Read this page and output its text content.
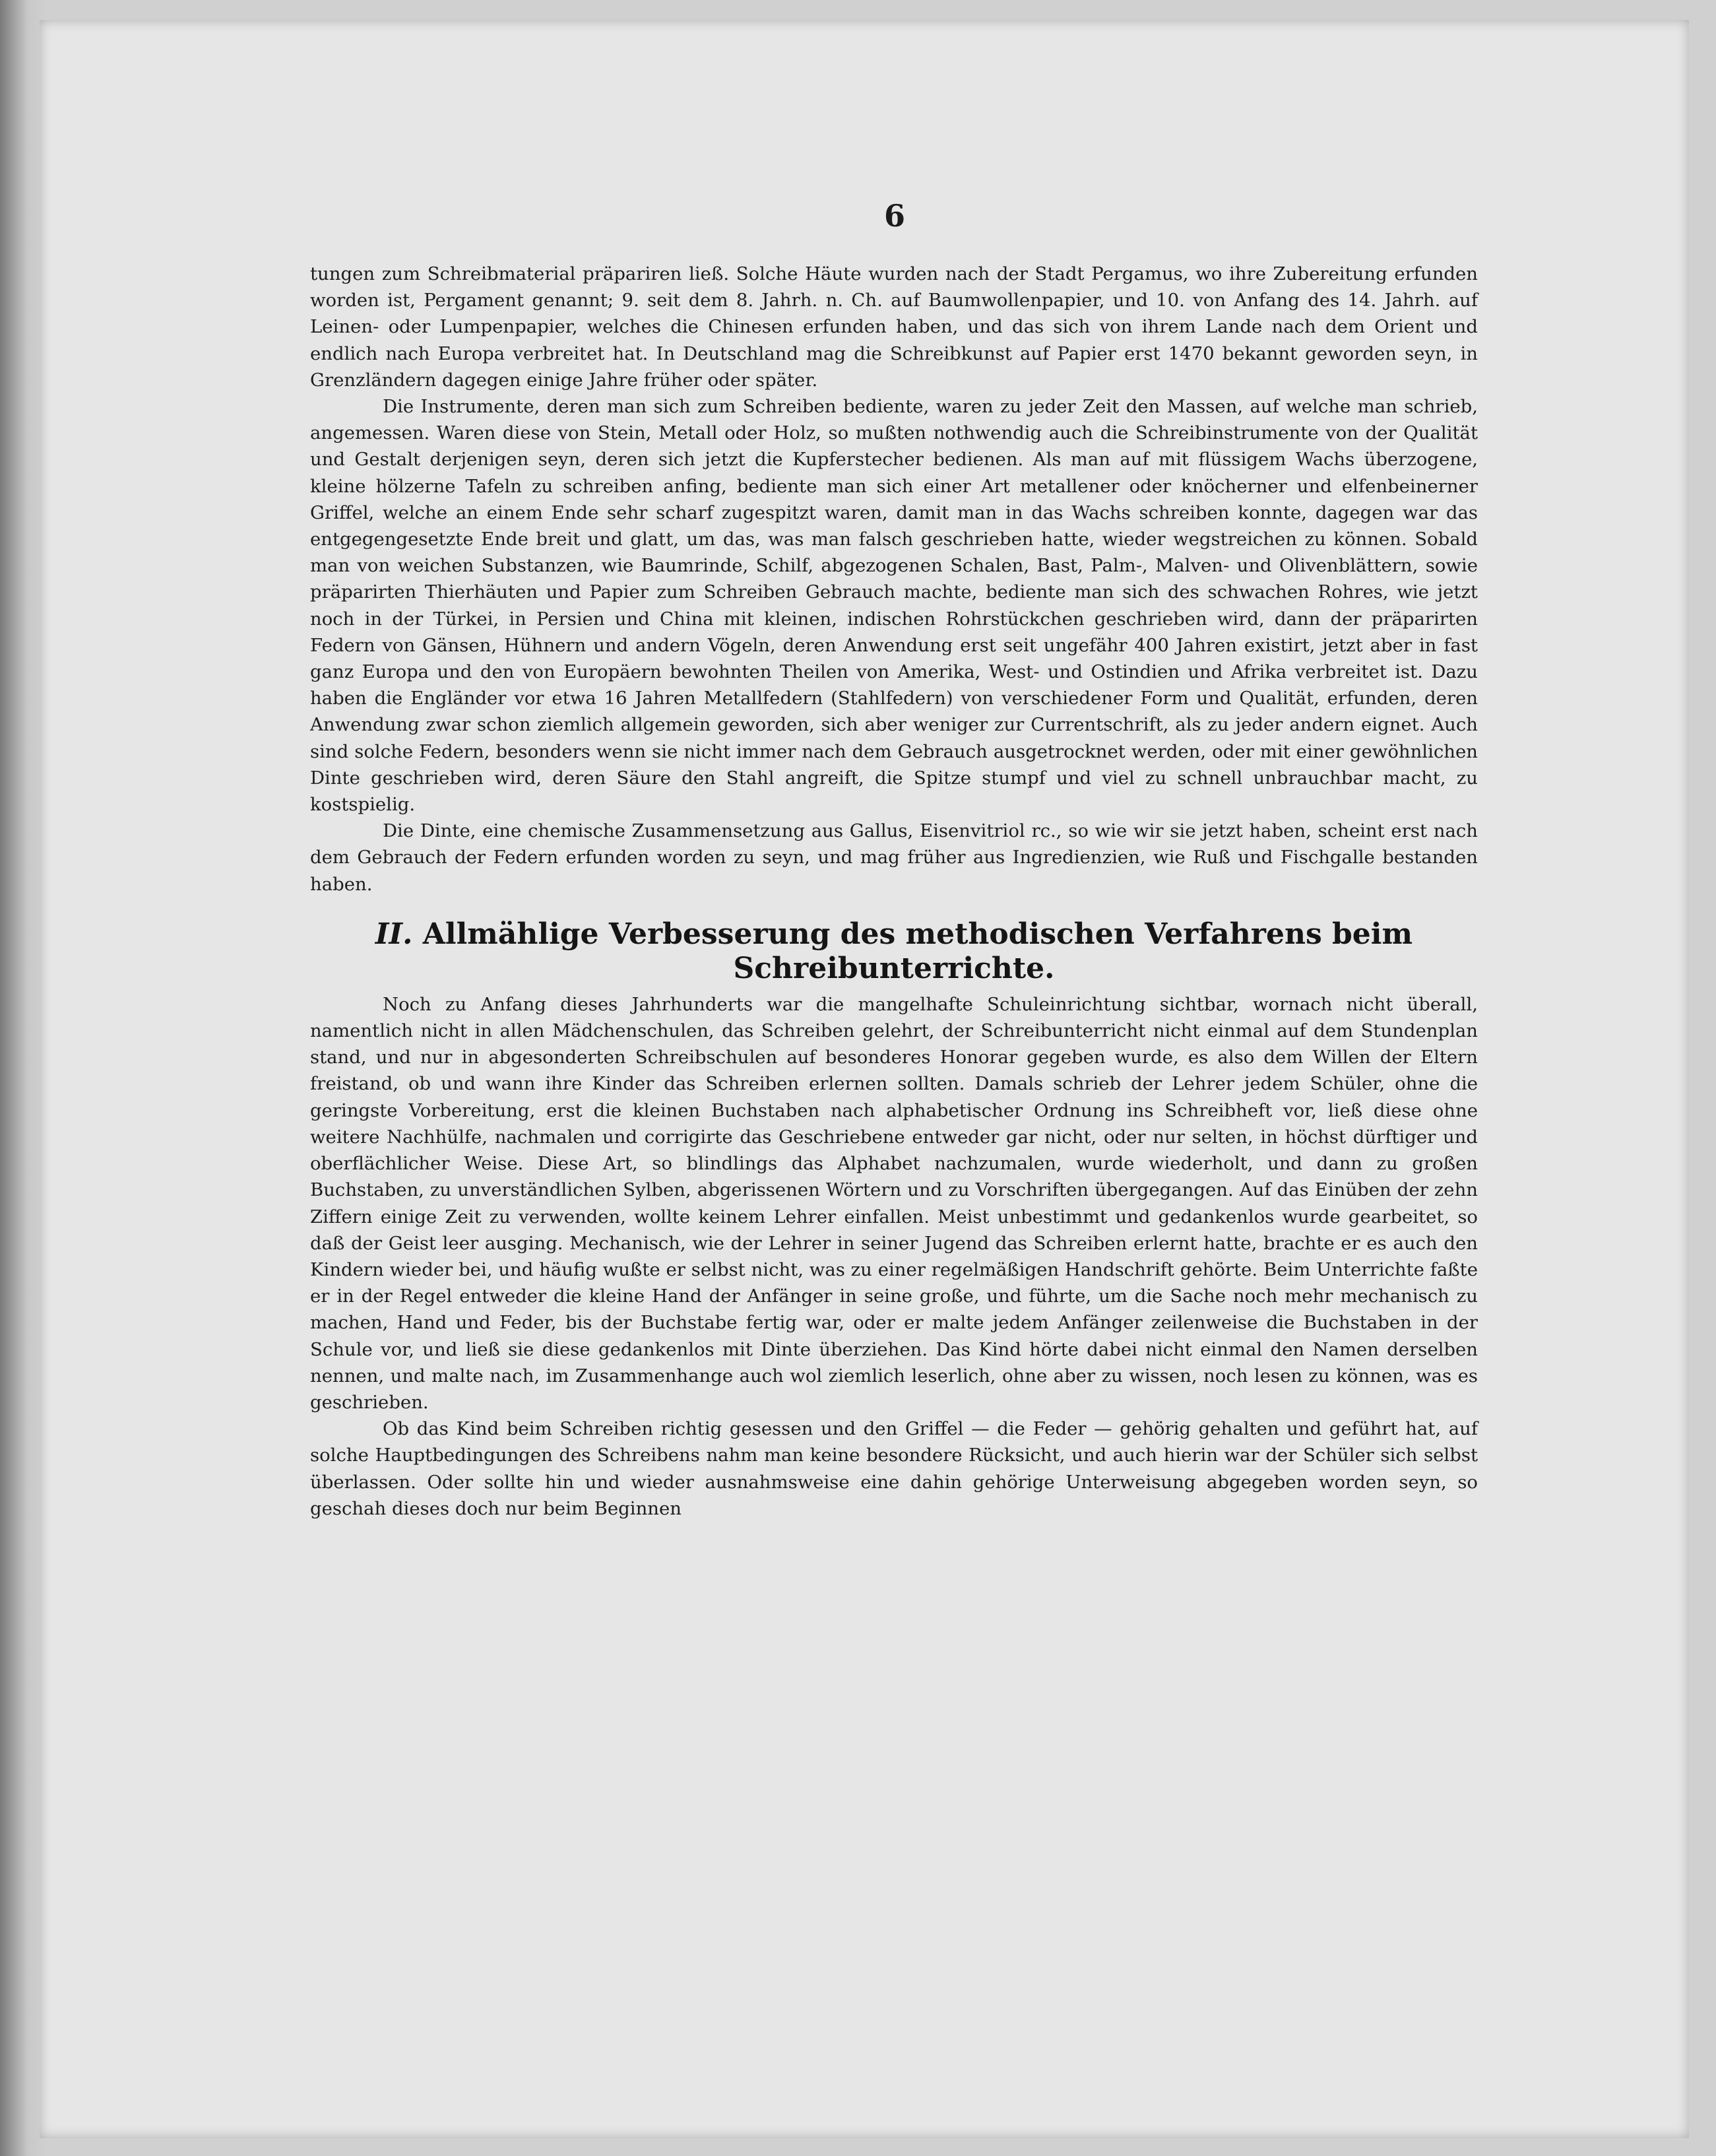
6

tungen zum Schreibmaterial präpariren ließ. Solche Häute wurden nach der Stadt Pergamus, wo ihre Zubereitung erfunden worden ist, Pergament genannt; 9. seit dem 8. Jahrh. n. Ch. auf Baumwollenpapier, und 10. von Anfang des 14. Jahrh. auf Leinen- oder Lumpenpapier, welches die Chinesen erfunden haben, und das sich von ihrem Lande nach dem Orient und endlich nach Europa verbreitet hat. In Deutschland mag die Schreibkunst auf Papier erst 1470 bekannt geworden seyn, in Grenzländern dagegen einige Jahre früher oder später.

Die Instrumente, deren man sich zum Schreiben bediente, waren zu jeder Zeit den Massen, auf welche man schrieb, angemessen. Waren diese von Stein, Metall oder Holz, so mußten nothwendig auch die Schreibinstrumente von der Qualität und Gestalt derjenigen seyn, deren sich jetzt die Kupferstecher bedienen. Als man auf mit flüssigem Wachs überzogene, kleine hölzerne Tafeln zu schreiben anfing, bediente man sich einer Art metallener oder knöcherner und elfenbeinerner Griffel, welche an einem Ende sehr scharf zugespitzt waren, damit man in das Wachs schreiben konnte, dagegen war das entgegengesetzte Ende breit und glatt, um das, was man falsch geschrieben hatte, wieder wegstreichen zu können. Sobald man von weichen Substanzen, wie Baumrinde, Schilf, abgezogenen Schalen, Bast, Palm-, Malven- und Olivenblättern, sowie präparirten Thierhäuten und Papier zum Schreiben Gebrauch machte, bediente man sich des schwachen Rohres, wie jetzt noch in der Türkei, in Persien und China mit kleinen, indischen Rohrstückchen geschrieben wird, dann der präparirten Federn von Gänsen, Hühnern und andern Vögeln, deren Anwendung erst seit ungefähr 400 Jahren existirt, jetzt aber in fast ganz Europa und den von Europäern bewohnten Theilen von Amerika, West- und Ostindien und Afrika verbreitet ist. Dazu haben die Engländer vor etwa 16 Jahren Metallfedern (Stahlfedern) von verschiedener Form und Qualität, erfunden, deren Anwendung zwar schon ziemlich allgemein geworden, sich aber weniger zur Currentschrift, als zu jeder andern eignet. Auch sind solche Federn, besonders wenn sie nicht immer nach dem Gebrauch ausgetrocknet werden, oder mit einer gewöhnlichen Dinte geschrieben wird, deren Säure den Stahl angreift, die Spitze stumpf und viel zu schnell unbrauchbar macht, zu kostspielig.

Die Dinte, eine chemische Zusammensetzung aus Gallus, Eisenvitriol rc., so wie wir sie jetzt haben, scheint erst nach dem Gebrauch der Federn erfunden worden zu seyn, und mag früher aus Ingredienzien, wie Ruß und Fischgalle bestanden haben.

II. Allmählige Verbesserung des methodischen Verfahrens beim Schreibunterrichte.

Noch zu Anfang dieses Jahrhunderts war die mangelhafte Schuleinrichtung sichtbar, wornach nicht überall, namentlich nicht in allen Mädchenschulen, das Schreiben gelehrt, der Schreibunterricht nicht einmal auf dem Stundenplan stand, und nur in abgesonderten Schreibschulen auf besonderes Honorar gegeben wurde, es also dem Willen der Eltern freistand, ob und wann ihre Kinder das Schreiben erlernen sollten. Damals schrieb der Lehrer jedem Schüler, ohne die geringste Vorbereitung, erst die kleinen Buchstaben nach alphabetischer Ordnung ins Schreibheft vor, ließ diese ohne weitere Nachhülfe, nachmalen und corrigirte das Geschriebene entweder gar nicht, oder nur selten, in höchst dürftiger und oberflächlicher Weise. Diese Art, so blindlings das Alphabet nachzumalen, wurde wiederholt, und dann zu großen Buchstaben, zu unverständlichen Sylben, abgerissenen Wörtern und zu Vorschriften übergegangen. Auf das Einüben der zehn Ziffern einige Zeit zu verwenden, wollte keinem Lehrer einfallen. Meist unbestimmt und gedankenlos wurde gearbeitet, so daß der Geist leer ausging. Mechanisch, wie der Lehrer in seiner Jugend das Schreiben erlernt hatte, brachte er es auch den Kindern wieder bei, und häufig wußte er selbst nicht, was zu einer regelmäßigen Handschrift gehörte. Beim Unterrichte faßte er in der Regel entweder die kleine Hand der Anfänger in seine große, und führte, um die Sache noch mehr mechanisch zu machen, Hand und Feder, bis der Buchstabe fertig war, oder er malte jedem Anfänger zeilenweise die Buchstaben in der Schule vor, und ließ sie diese gedankenlos mit Dinte überziehen. Das Kind hörte dabei nicht einmal den Namen derselben nennen, und malte nach, im Zusammenhange auch wol ziemlich leserlich, ohne aber zu wissen, noch lesen zu können, was es geschrieben.

Ob das Kind beim Schreiben richtig gesessen und den Griffel — die Feder — gehörig gehalten und geführt hat, auf solche Hauptbedingungen des Schreibens nahm man keine besondere Rücksicht, und auch hierin war der Schüler sich selbst überlassen. Oder sollte hin und wieder ausnahmsweise eine dahin gehörige Unterweisung abgegeben worden seyn, so geschah dieses doch nur beim Beginnen
